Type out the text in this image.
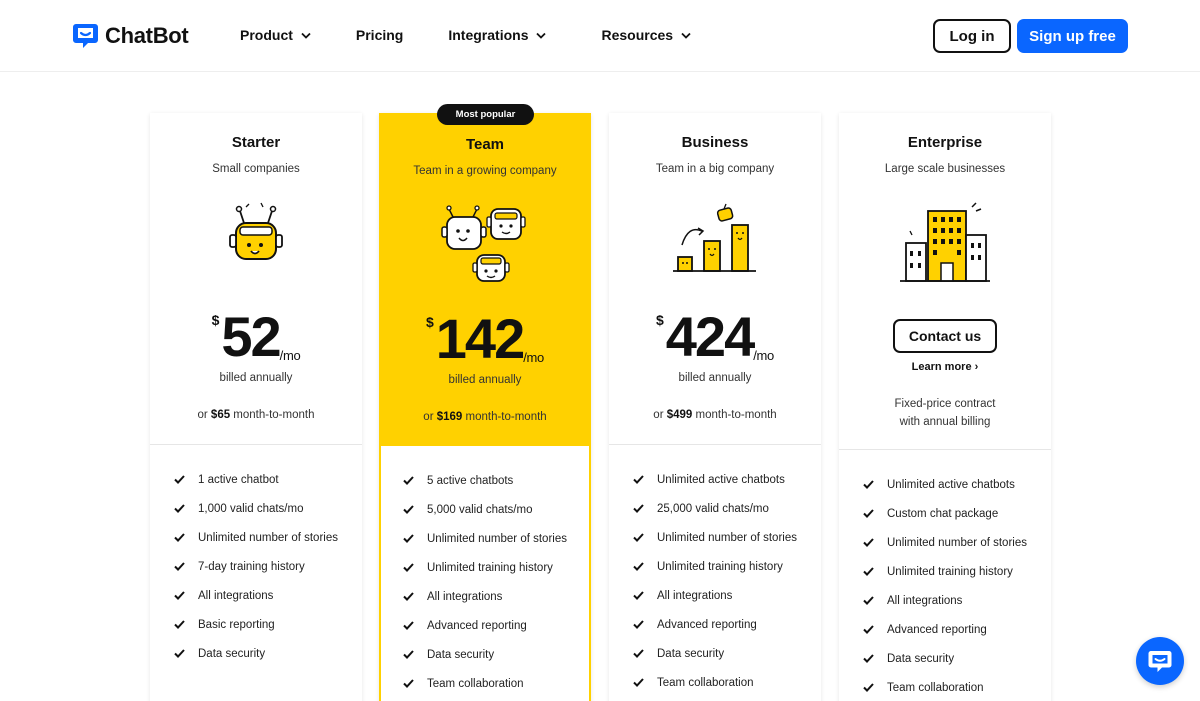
ChatBot	Product	Pricing	Integrations	Resources	Log in	Sign up free
Most popular
Starter
Small companies
$ 52 /mo
billed annually
or $65 month-to-month
1 active chatbot
1,000 valid chats/mo
Unlimited number of stories
7-day training history
All integrations
Basic reporting
Data security
Team
Team in a growing company
$ 142 /mo
billed annually
or $169 month-to-month
5 active chatbots
5,000 valid chats/mo
Unlimited number of stories
Unlimited training history
All integrations
Advanced reporting
Data security
Team collaboration
Business
Team in a big company
$ 424 /mo
billed annually
or $499 month-to-month
Unlimited active chatbots
25,000 valid chats/mo
Unlimited number of stories
Unlimited training history
All integrations
Advanced reporting
Data security
Team collaboration
Enterprise
Large scale businesses
Contact us
Learn more ›
Fixed-price contract
with annual billing
Unlimited active chatbots
Custom chat package
Unlimited number of stories
Unlimited training history
All integrations
Advanced reporting
Data security
Team collaboration
